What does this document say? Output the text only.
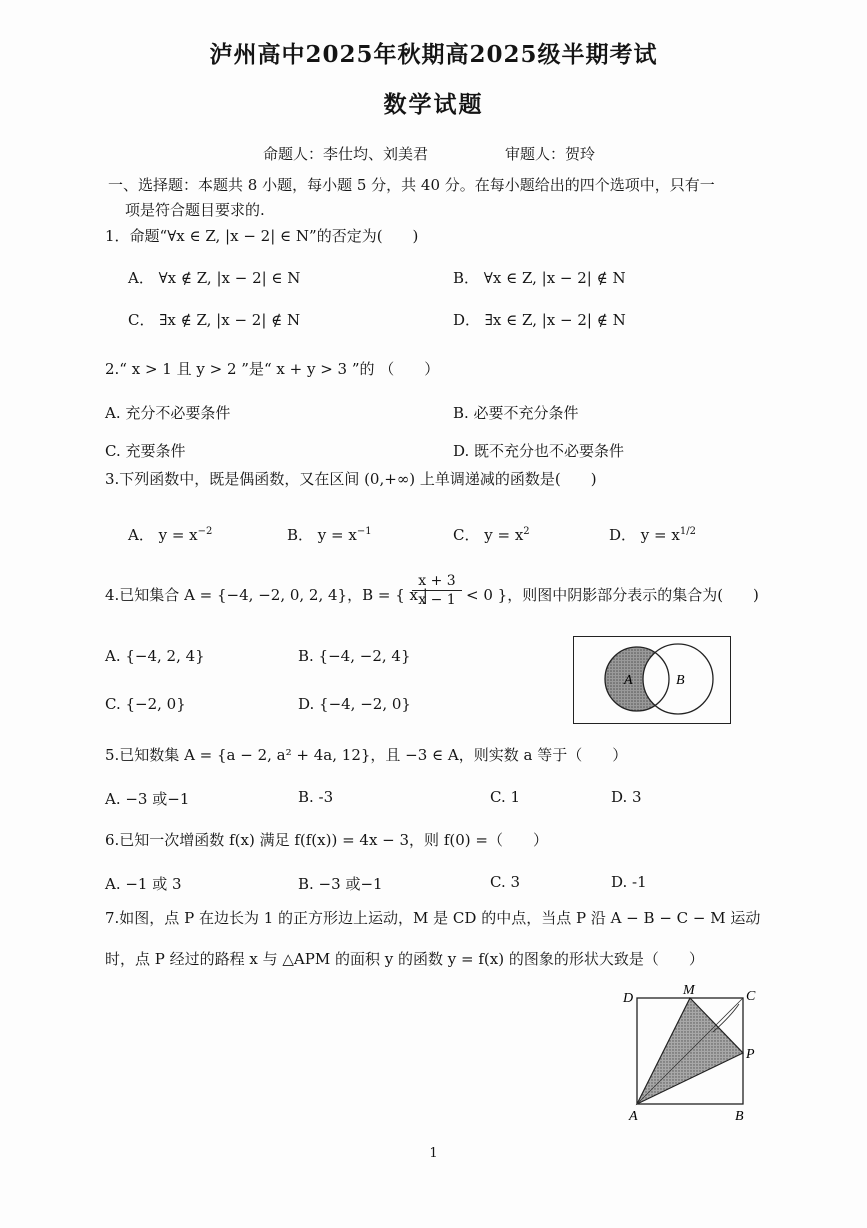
泸州高中2025年秋期高2025级半期考试
数学试题
命题人：李仕均、刘美君	审题人：贺玲
一、选择题：本题共 8 小题，每小题 5 分，共 40 分。在每小题给出的四个选项中，只有一
项是符合题目要求的.
1．命题“∀x ∈ Z, |x − 2| ∈ N”的否定为(　　)
A． ∀x ∉ Z, |x − 2| ∈ N	B． ∀x ∈ Z, |x − 2| ∉ N
C． ∃x ∉ Z, |x − 2| ∉ N	D． ∃x ∈ Z, |x − 2| ∉ N
2.“ x > 1 且 y > 2 ”是“ x + y > 3 ”的 （　　）
A. 充分不必要条件	B. 必要不充分条件
C. 充要条件	D. 既不充分也不必要条件
3.下列函数中，既是偶函数，又在区间 (0,+∞) 上单调递减的函数是(　　)
A． $y = x^{-2}$	B． $y = x^{-1}$	C． $y = x^2$	D． $y = x^{1/2}$
4.已知集合 A = {−4, −2, 0, 2, 4}，B = { x |
$\frac{x + 3}{x - 1} < 0$ }，则图中阴影部分表示的集合为(　　)
A. {−4, 2, 4}	B. {−4, −2, 4}
C. {−2, 0}	D. {−4, −2, 0}
A	B
5.已知数集 A = {a − 2, a² + 4a, 12}，且 −3 ∈ A，则实数 a 等于（　　）
A. −3 或−1	B. -3	C. 1	D. 3
6.已知一次增函数 f(x) 满足 f(f(x)) = 4x − 3，则 f(0) =（　　）
A. −1 或 3	B. −3 或−1	C. 3	D. -1
7.如图，点 P 在边长为 1 的正方形边上运动，M 是 CD 的中点，当点 P 沿 A − B − C − M 运动
时，点 P 经过的路程 x 与 △APM 的面积 y 的函数 y = f(x) 的图象的形状大致是（　　）
D
M	C
P
A	B
1
